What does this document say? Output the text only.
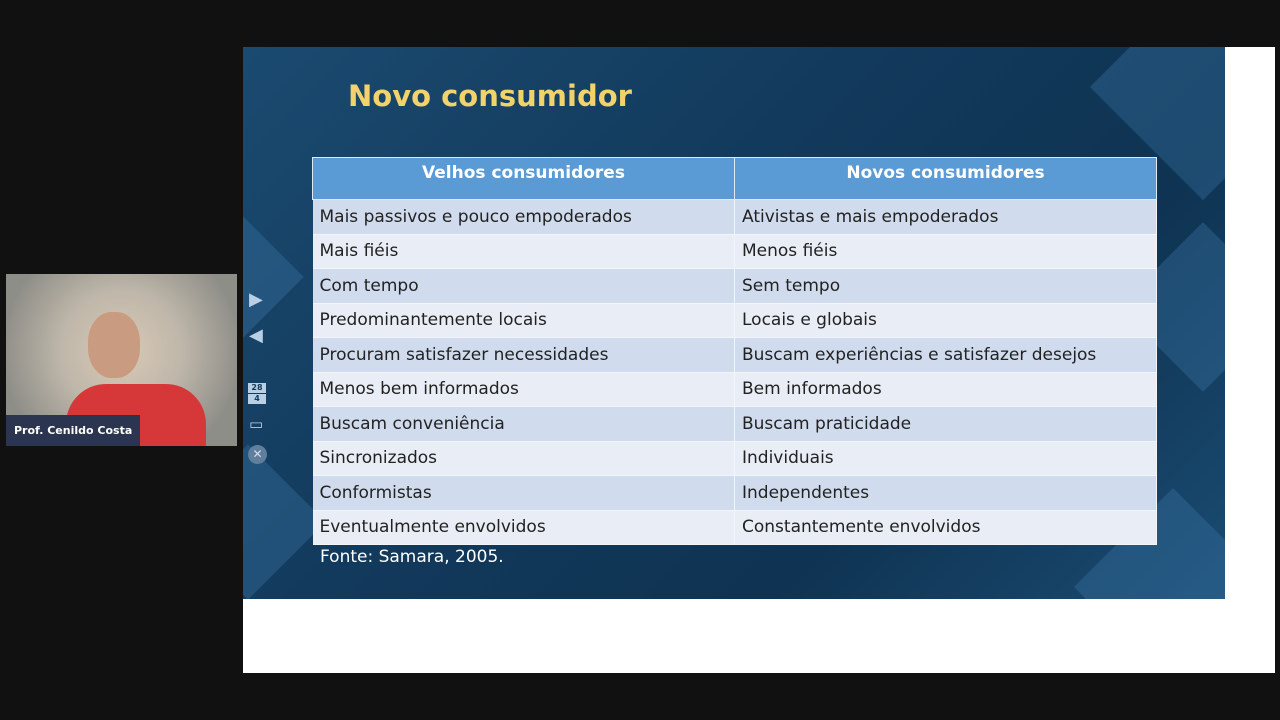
Novo consumidor
Velhos consumidores	Novos consumidores
Mais passivos e pouco empoderados	Ativistas e mais empoderados
Mais fiéis	Menos fiéis
Com tempo	Sem tempo
Predominantemente locais	Locais e globais
Procuram satisfazer necessidades	Buscam experiências e satisfazer desejos
Menos bem informados	Bem informados
Buscam conveniência	Buscam praticidade
Sincronizados	Individuais
Conformistas	Independentes
Eventualmente envolvidos	Constantemente envolvidos
Fonte: Samara, 2005.
▶
◀
28
4
▭
✕
Prof. Cenildo Costa
